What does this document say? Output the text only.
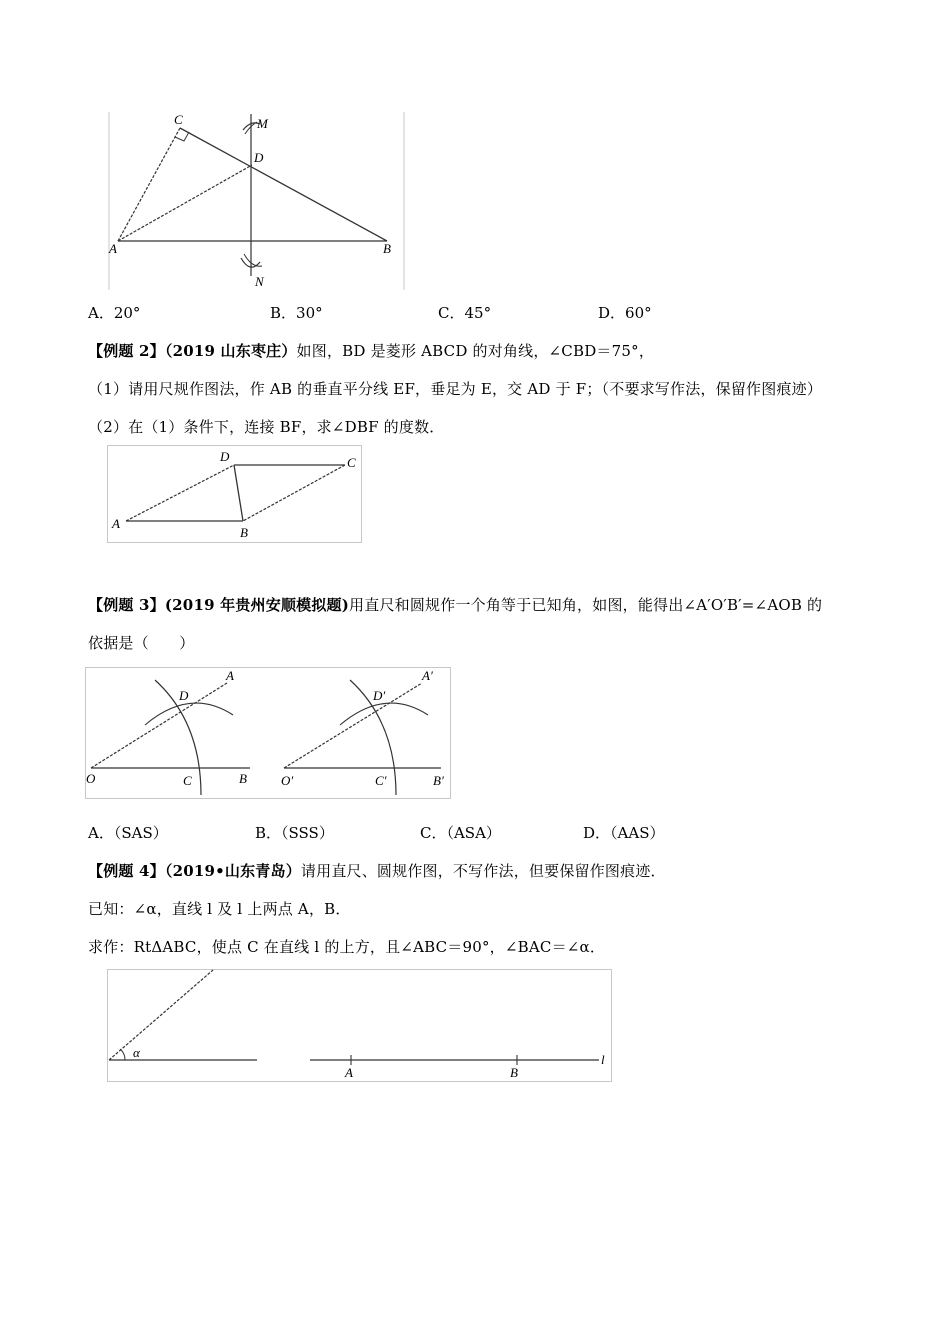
C	M
D
A	B
N
A．20°	B．30°	C．45°	D．60°
【例题 2】（2019 山东枣庄）如图，BD 是菱形 ABCD 的对角线，∠CBD＝75°，
（1）请用尺规作图法，作 AB 的垂直平分线 EF，垂足为 E，交 AD 于 F；（不要求写作法，保留作图痕迹）
（2）在（1）条件下，连接 BF，求∠DBF 的度数．
D	C
A
B
【例题 3】(2019 年贵州安顺模拟题)用直尺和圆规作一个角等于已知角，如图，能得出∠A′O′B′=∠AOB 的
依据是（　　）
A
D
O	C	B
A′
D′
O′	C′	B′
A．（SAS）	B．（SSS）	C．（ASA）	D．（AAS）
【例题 4】（2019•山东青岛）请用直尺、圆规作图，不写作法，但要保留作图痕迹．
已知：∠α，直线 l 及 l 上两点 A，B．
求作：RtΔABC，使点 C 在直线 l 的上方，且∠ABC＝90°，∠BAC＝∠α．
α
A	B
l
